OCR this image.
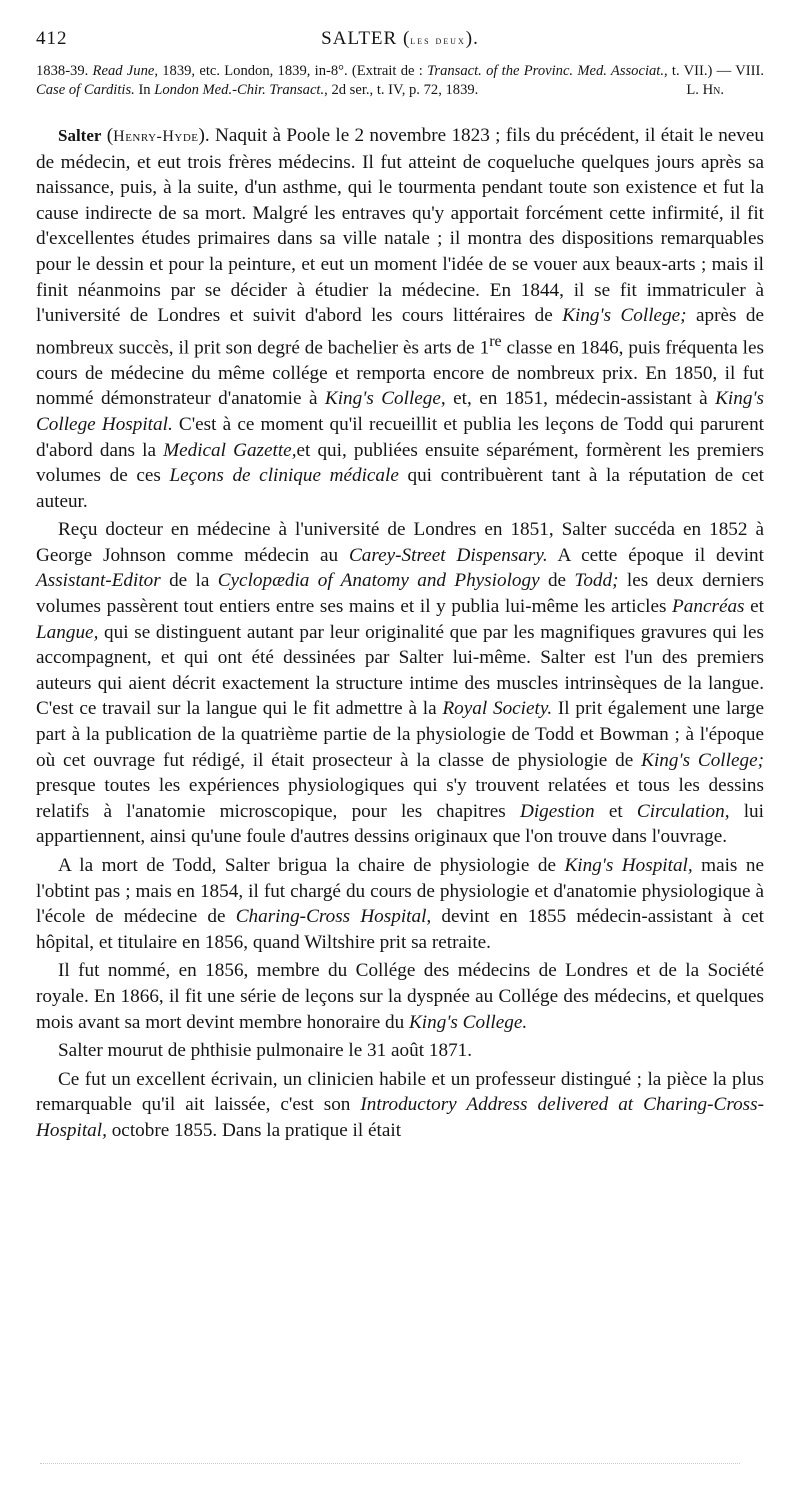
412	SALTER (les deux).
1838-39. Read June, 1839, etc. London, 1839, in-8°. (Extrait de : Transact. of the Provinc. Med. Associat., t. VII.) — VIII. Case of Carditis. In London Med.-Chir. Transact., 2d ser., t. IV, p. 72, 1839.	L. Hn.

Salter (Henry-Hyde). Naquit à Poole le 2 novembre 1823 ; fils du précédent, il était le neveu de médecin, et eut trois frères médecins. Il fut atteint de coqueluche quelques jours après sa naissance, puis, à la suite, d'un asthme, qui le tourmenta pendant toute son existence et fut la cause indirecte de sa mort. Malgré les entraves qu'y apportait forcément cette infirmité, il fit d'excellentes études primaires dans sa ville natale ; il montra des dispositions remarquables pour le dessin et pour la peinture, et eut un moment l'idée de se vouer aux beaux-arts ; mais il finit néanmoins par se décider à étudier la médecine. En 1844, il se fit immatriculer à l'université de Londres et suivit d'abord les cours littéraires de King's College; après de nombreux succès, il prit son degré de bachelier ès arts de 1re classe en 1846, puis fréquenta les cours de médecine du même collége et remporta encore de nombreux prix. En 1850, il fut nommé démonstrateur d'anatomie à King's College, et, en 1851, médecin-assistant à King's College Hospital. C'est à ce moment qu'il recueillit et publia les leçons de Todd qui parurent d'abord dans la Medical Gazette,et qui, publiées ensuite séparément, formèrent les premiers volumes de ces Leçons de clinique médicale qui contribuèrent tant à la réputation de cet auteur.

Reçu docteur en médecine à l'université de Londres en 1851, Salter succéda en 1852 à George Johnson comme médecin au Carey-Street Dispensary. A cette époque il devint Assistant-Editor de la Cyclopædia of Anatomy and Physiology de Todd; les deux derniers volumes passèrent tout entiers entre ses mains et il y publia lui-même les articles Pancréas et Langue, qui se distinguent autant par leur originalité que par les magnifiques gravures qui les accompagnent, et qui ont été dessinées par Salter lui-même. Salter est l'un des premiers auteurs qui aient décrit exactement la structure intime des muscles intrinsèques de la langue. C'est ce travail sur la langue qui le fit admettre à la Royal Society. Il prit également une large part à la publication de la quatrième partie de la physiologie de Todd et Bowman ; à l'époque où cet ouvrage fut rédigé, il était prosecteur à la classe de physiologie de King's College; presque toutes les expériences physiologiques qui s'y trouvent relatées et tous les dessins relatifs à l'anatomie microscopique, pour les chapitres Digestion et Circulation, lui appartiennent, ainsi qu'une foule d'autres dessins originaux que l'on trouve dans l'ouvrage.

A la mort de Todd, Salter brigua la chaire de physiologie de King's Hospital, mais ne l'obtint pas ; mais en 1854, il fut chargé du cours de physiologie et d'anatomie physiologique à l'école de médecine de Charing-Cross Hospital, devint en 1855 médecin-assistant à cet hôpital, et titulaire en 1856, quand Wiltshire prit sa retraite.

Il fut nommé, en 1856, membre du Collége des médecins de Londres et de la Société royale. En 1866, il fit une série de leçons sur la dyspnée au Collége des médecins, et quelques mois avant sa mort devint membre honoraire du King's College.

Salter mourut de phthisie pulmonaire le 31 août 1871.

Ce fut un excellent écrivain, un clinicien habile et un professeur distingué ; la pièce la plus remarquable qu'il ait laissée, c'est son Introductory Address delivered at Charing-Cross-Hospital, octobre 1855. Dans la pratique il était
